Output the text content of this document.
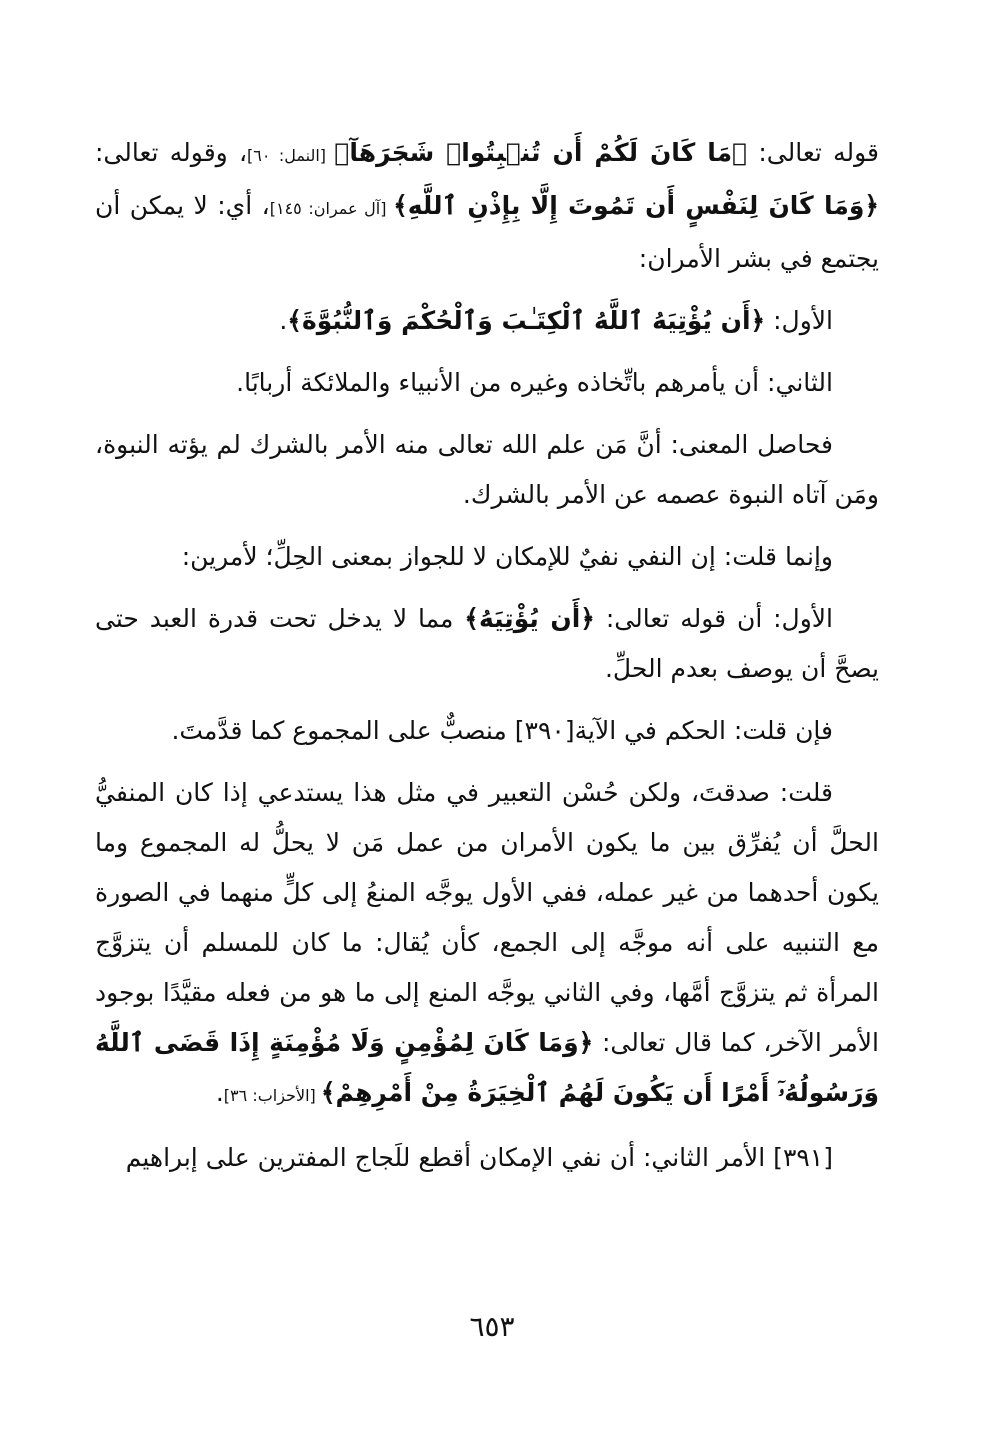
قوله تعالى: ﴿مَا كَانَ لَكُمْ أَن تُنۢبِتُوا۟ شَجَرَهَآ﴾ [النمل: ٦٠]، وقوله تعالى: ﴿وَمَا كَانَ لِنَفْسٍ أَن تَمُوتَ إِلَّا بِإِذْنِ ٱللَّهِ﴾ [آل عمران: ١٤٥]، أي: لا يمكن أن يجتمع في بشر الأمران:

الأول: ﴿أَن يُؤْتِيَهُ ٱللَّهُ ٱلْكِتَـٰبَ وَٱلْحُكْمَ وَٱلنُّبُوَّةَ﴾.

الثاني: أن يأمرهم باتِّخاذه وغيره من الأنبياء والملائكة أربابًا.

فحاصل المعنى: أنَّ مَن علم الله تعالى منه الأمر بالشرك لم يؤته النبوة، ومَن آتاه النبوة عصمه عن الأمر بالشرك.

وإنما قلت: إن النفي نفيٌ للإمكان لا للجواز بمعنى الحِلِّ؛ لأمرين:

الأول: أن قوله تعالى: ﴿أَن يُؤْتِيَهُ﴾ مما لا يدخل تحت قدرة العبد حتى يصحَّ أن يوصف بعدم الحلِّ.

فإن قلت: الحكم في الآية[٣٩٠] منصبٌّ على المجموع كما قدَّمتَ.

قلت: صدقتَ، ولكن حُسْن التعبير في مثل هذا يستدعي إذا كان المنفيُّ الحلَّ أن يُفرِّق بين ما يكون الأمران من عمل مَن لا يحلُّ له المجموع وما يكون أحدهما من غير عمله، ففي الأول يوجَّه المنعُ إلى كلٍّ منهما في الصورة مع التنبيه على أنه موجَّه إلى الجمع، كأن يُقال: ما كان للمسلم أن يتزوَّج المرأة ثم يتزوَّج أمَّها، وفي الثاني يوجَّه المنع إلى ما هو من فعله مقيَّدًا بوجود الأمر الآخر، كما قال تعالى: ﴿وَمَا كَانَ لِمُؤْمِنٍ وَلَا مُؤْمِنَةٍ إِذَا قَضَى ٱللَّهُ وَرَسُولُهُۥٓ أَمْرًا أَن يَكُونَ لَهُمُ ٱلْخِيَرَةُ مِنْ أَمْرِهِمْ﴾ [الأحزاب: ٣٦].

[٣٩١] الأمر الثاني: أن نفي الإمكان أقطع للَجاج المفترين على إبراهيم

٦٥٣
